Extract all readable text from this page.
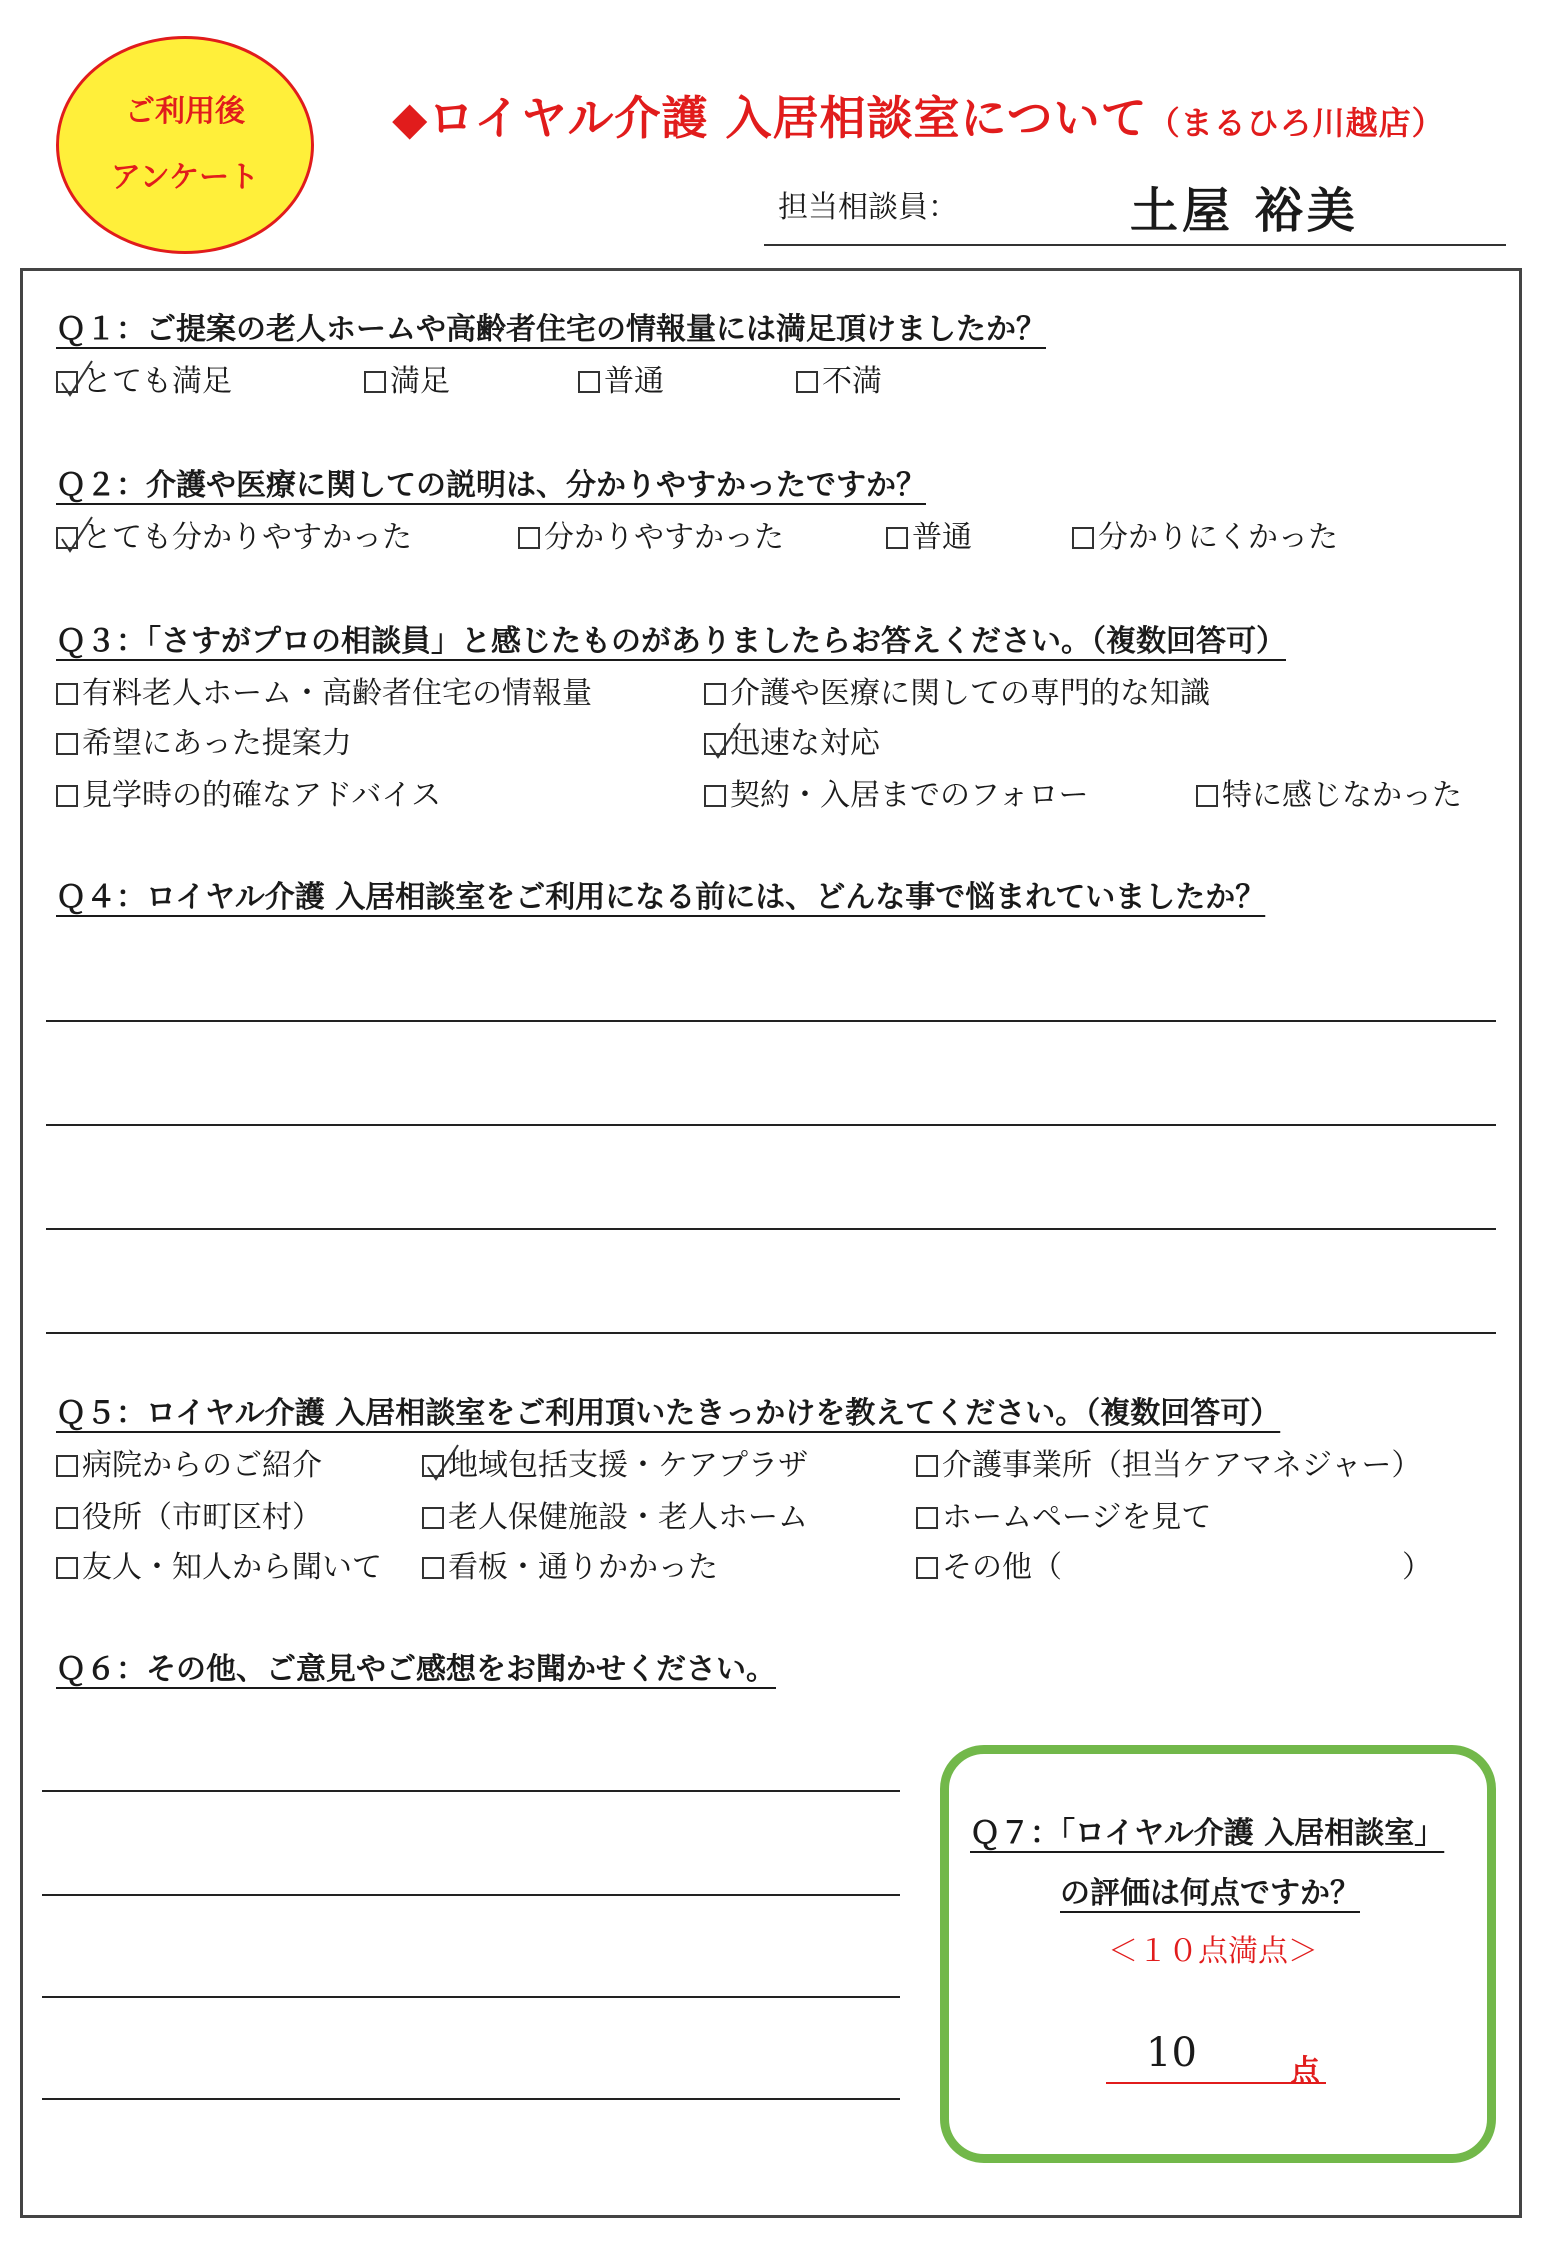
ご利用後
アンケート
◆ロイヤル介護 入居相談室について（まるひろ川越店）
担当相談員：	土屋 裕美
Ｑ１：ご提案の老人ホームや高齢者住宅の情報量には満足頂けましたか？
とても満足	満足	普通	不満
Ｑ２：介護や医療に関しての説明は、分かりやすかったですか？
とても分かりやすかった	分かりやすかった	普通	分かりにくかった
Ｑ３：「さすがプロの相談員」と感じたものがありましたらお答えください。（複数回答可）
有料老人ホーム・高齢者住宅の情報量	介護や医療に関しての専門的な知識
希望にあった提案力	迅速な対応
見学時の的確なアドバイス	契約・入居までのフォロー	特に感じなかった
Ｑ４：ロイヤル介護 入居相談室をご利用になる前には、どんな事で悩まれていましたか？
Ｑ５：ロイヤル介護 入居相談室をご利用頂いたきっかけを教えてください。（複数回答可）
病院からのご紹介	地域包括支援・ケアプラザ	介護事業所（担当ケアマネジャー）
役所（市町区村）	老人保健施設・老人ホーム	ホームページを見て
友人・知人から聞いて	看板・通りかかった	その他（	）
Ｑ６：その他、ご意見やご感想をお聞かせください。
Ｑ７：「ロイヤル介護 入居相談室」
の評価は何点ですか？
＜１０点満点＞
10	点
